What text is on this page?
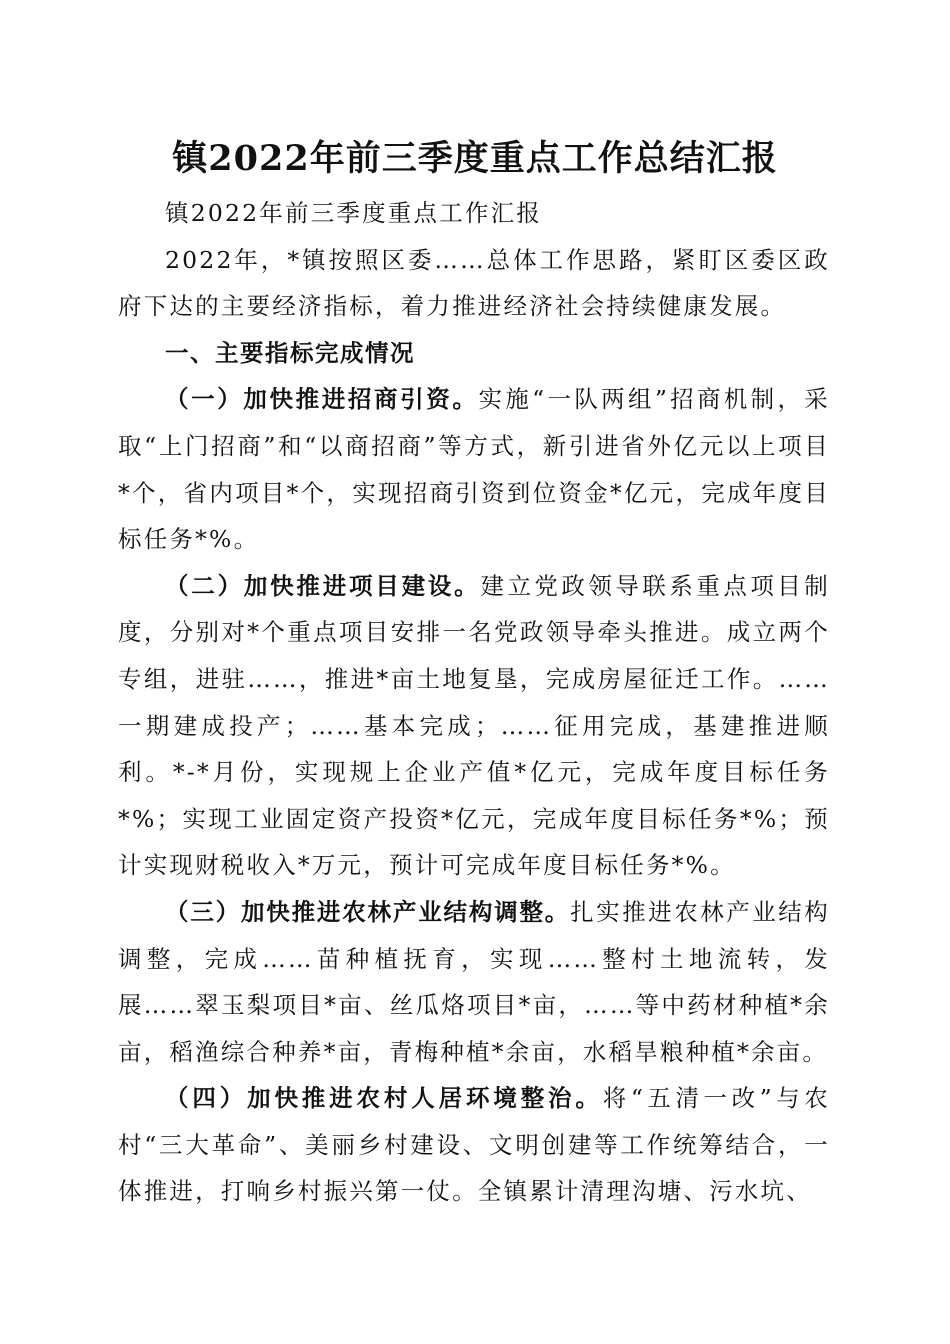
镇2022年前三季度重点工作总结汇报

镇2022年前三季度重点工作汇报

2022年，*镇按照区委……总体工作思路，紧盯区委区政府下达的主要经济指标，着力推进经济社会持续健康发展。

一、主要指标完成情况

（一）加快推进招商引资。实施“一队两组”招商机制，采取“上门招商”和“以商招商”等方式，新引进省外亿元以上项目*个，省内项目*个，实现招商引资到位资金*亿元，完成年度目标任务*%。

（二）加快推进项目建设。建立党政领导联系重点项目制度，分别对*个重点项目安排一名党政领导牵头推进。成立两个专组，进驻……，推进*亩土地复垦，完成房屋征迁工作。……一期建成投产；……基本完成；……征用完成，基建推进顺利。*-*月份，实现规上企业产值*亿元，完成年度目标任务*%；实现工业固定资产投资*亿元，完成年度目标任务*%；预计实现财税收入*万元，预计可完成年度目标任务*%。

（三）加快推进农林产业结构调整。扎实推进农林产业结构调整，完成……苗种植抚育，实现……整村土地流转，发展……翠玉梨项目*亩、丝瓜烙项目*亩，……等中药材种植*余亩，稻渔综合种养*亩，青梅种植*余亩，水稻旱粮种植*余亩。

（四）加快推进农村人居环境整治。将“五清一改”与农村“三大革命”、美丽乡村建设、文明创建等工作统筹结合，一体推进，打响乡村振兴第一仗。全镇累计清理沟塘、污水坑、
